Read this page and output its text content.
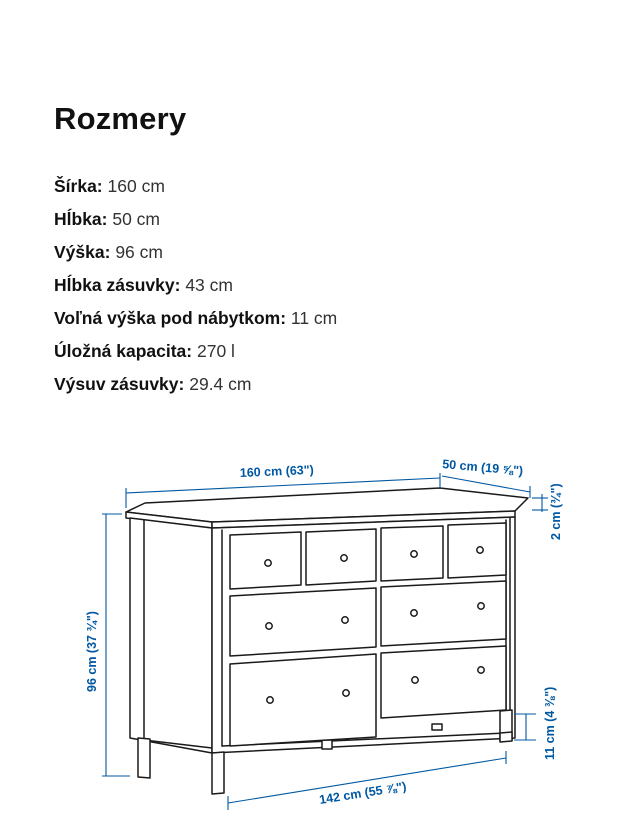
Rozmery
Šírka: 160 cm
Hĺbka: 50 cm
Výška: 96 cm
Hĺbka zásuvky: 43 cm
Voľná výška pod nábytkom: 11 cm
Úložná kapacita: 270 l
Výsuv zásuvky: 29.4 cm
160 cm (63")	50 cm (19 ⅝")
2 cm (¾")
96 cm (37 ¾")
11 cm (4 ⅜")
142 cm (55 ⅞")
